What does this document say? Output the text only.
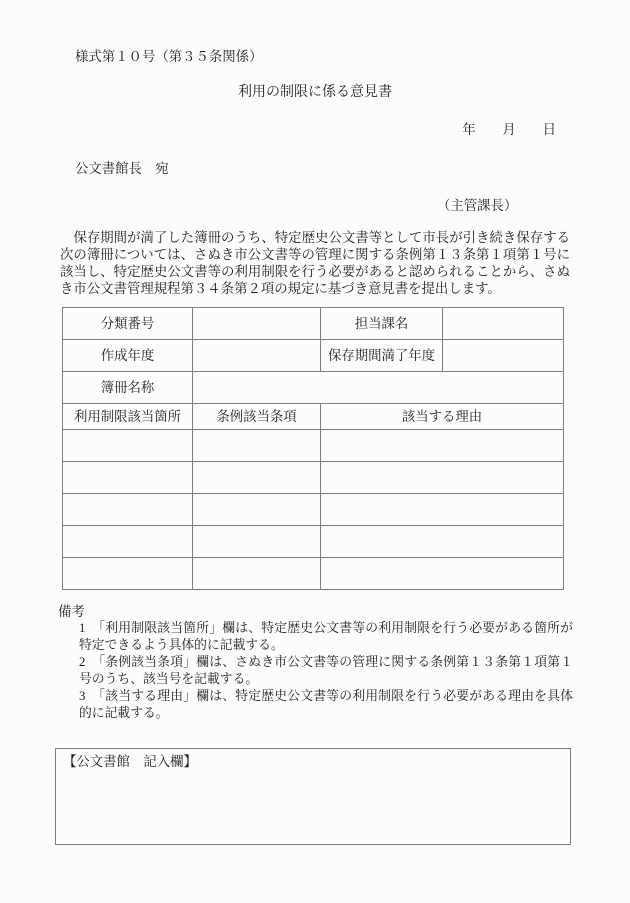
様式第１０号（第３５条関係）
利用の制限に係る意見書
年　　月　　日
公文書館長　宛
（主管課長）

　保存期間が満了した簿冊のうち、特定歴史公文書等として市長が引き続き保存する次の簿冊については、さぬき市公文書等の管理に関する条例第１３条第１項第１号に該当し、特定歴史公文書等の利用制限を行う必要があると認められることから、さぬき市公文書管理規程第３４条第２項の規定に基づき意見書を提出します。

分類番号		担当課名	
作成年度		保存期間満了年度	
簿冊名称			
利用制限該当箇所	条例該当条項	該当する理由	

備考
1　 「利用制限該当箇所」欄は、特定歴史公文書等の利用制限を行う必要がある箇所が特定できるよう具体的に記載する。
2　 「条例該当条項」欄は、さぬき市公文書等の管理に関する条例第１３条第１項第１号のうち、該当号を記載する。
3　 「該当する理由」欄は、特定歴史公文書等の利用制限を行う必要がある理由を具体的に記載する。
【公文書館　記入欄】
